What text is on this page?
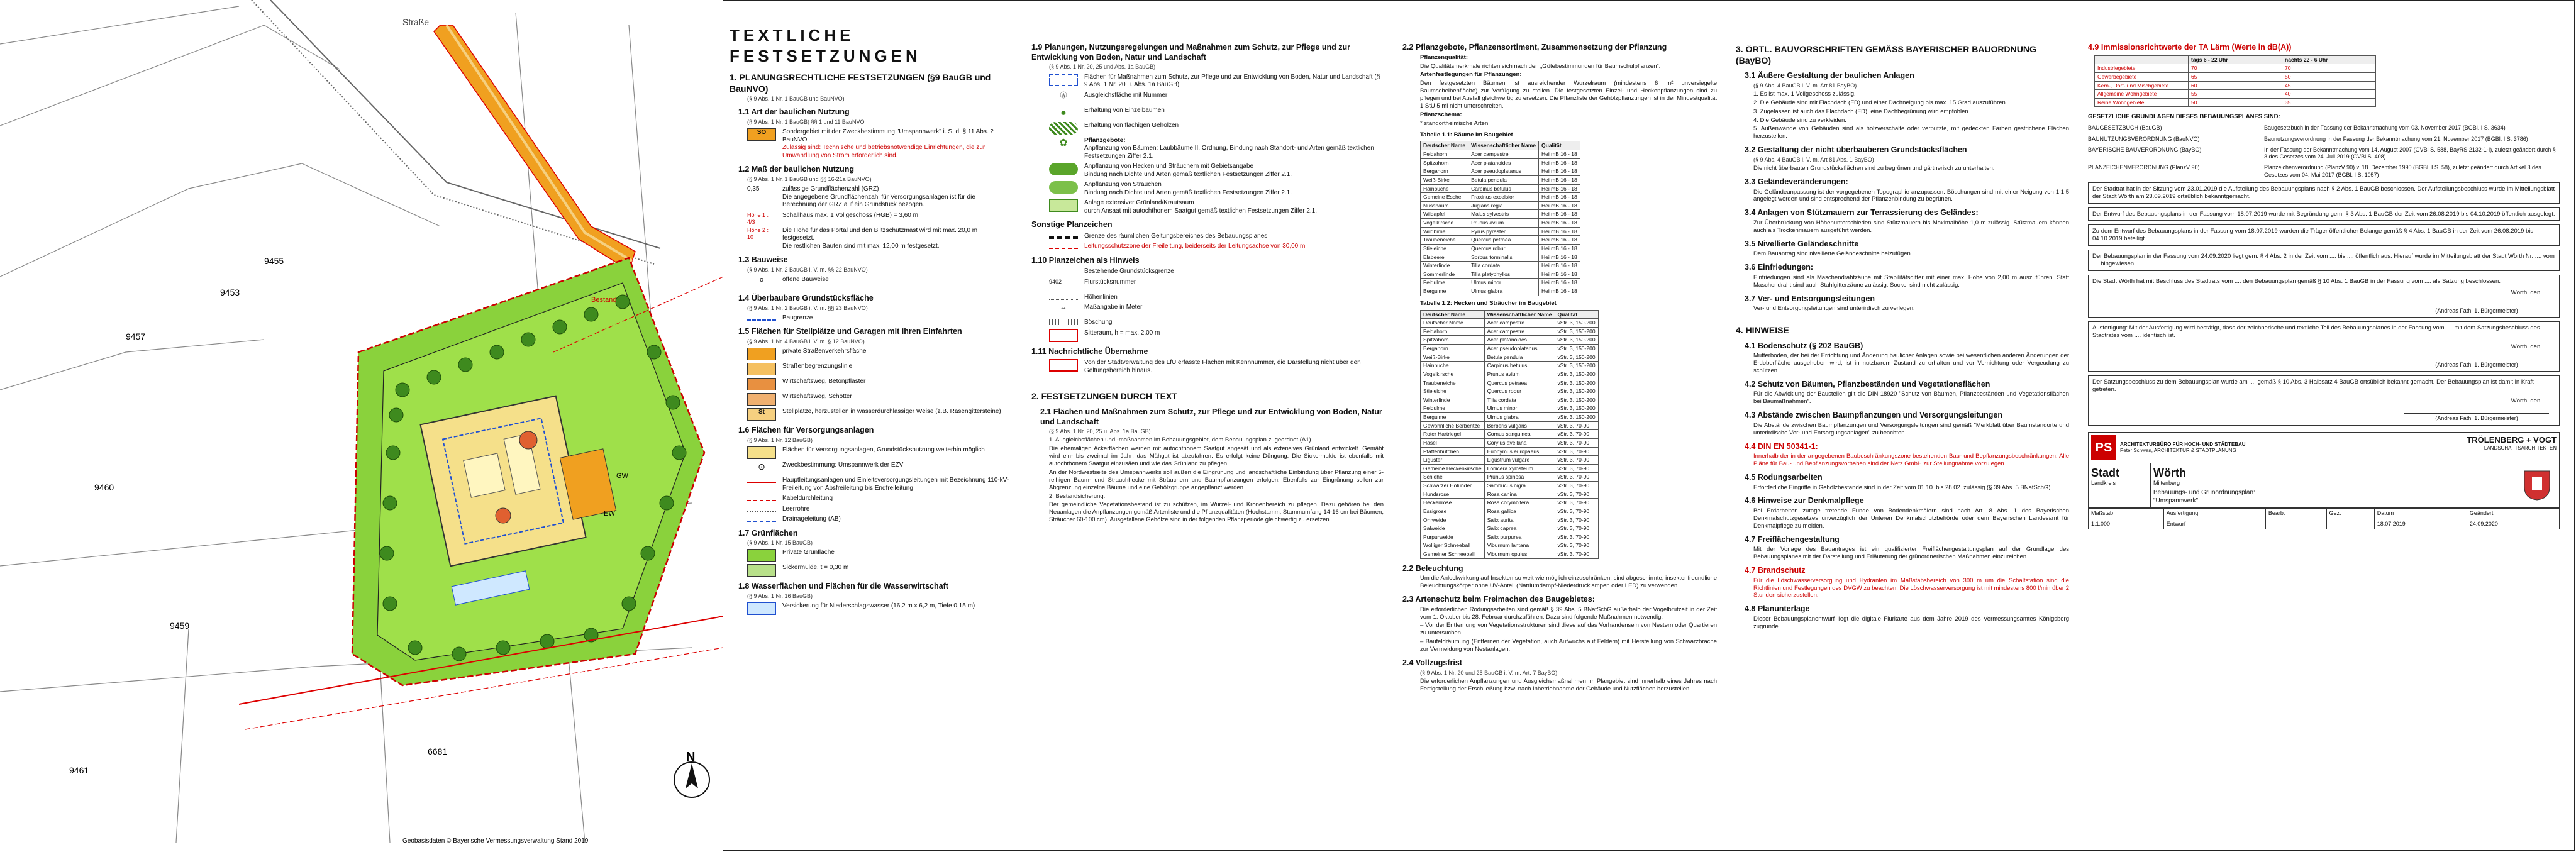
Straße
9453
9457
9460
9459
9455
9461
6681
Bestand
GW
EW
N
Geobasisdaten © Bayerische Vermessungsverwaltung Stand 2019
TEXTLICHE FESTSETZUNGEN
1. PLANUNGSRECHTLICHE FESTSETZUNGEN (§9 BauGB und BauNVO)
(§ 9 Abs. 1 Nr. 1 BauGB und BauNVO)
1.1 Art der baulichen Nutzung
(§ 9 Abs. 1 Nr. 1 BauGB) §§ 1 und 11 BauNVO
SO	Sondergebiet mit der Zweckbestimmung "Umspannwerk" i. S. d. § 11 Abs. 2 BauNVO
Zulässig sind: Technische und betriebsnotwendige Einrichtungen, die zur Umwandlung von Strom erforderlich sind.
1.2 Maß der baulichen Nutzung
(§ 9 Abs. 1 Nr. 1 BauGB und §§ 16-21a BauNVO)
0,35	zulässige Grundflächenzahl (GRZ)
Die angegebene Grundflächenzahl für Versorgungsanlagen ist für die Berechnung der GRZ auf ein Grundstück bezogen.
Höhe 1 : 4/3
Schallhaus max. 1 Vollgeschoss (HGB) = 3,60 m
Höhe 2 : 10
Die Höhe für das Portal und den Blitzschutzmast wird mit max. 20,0 m festgesetzt.
Die restlichen Bauten sind mit max. 12,00 m festgesetzt.
1.3 Bauweise
(§ 9 Abs. 1 Nr. 2 BauGB i. V. m. §§ 22 BauNVO)
o	offene Bauweise
1.4 Überbaubare Grundstücksfläche
(§ 9 Abs. 1 Nr. 2 BauGB i. V. m. §§ 23 BauNVO)
Baugrenze
1.5 Flächen für Stellplätze und Garagen mit ihren Einfahrten
(§ 9 Abs. 1 Nr. 4 BauGB i. V. m. § 12 BauNVO)
private Straßenverkehrsfläche
Straßenbegrenzungslinie
Wirtschaftsweg, Betonpflaster
Wirtschaftsweg, Schotter
St	Stellplätze, herzustellen in wasserdurchlässiger Weise (z.B. Rasengittersteine)
1.6 Flächen für Versorgungsanlagen
(§ 9 Abs. 1 Nr. 12 BauGB)
Flächen für Versorgungsanlagen, Grundstücksnutzung weiterhin möglich
⊙	Zweckbestimmung: Umspannwerk der EZV
Hauptleitungsanlagen und Einleitsversorgungsleitungen mit Bezeichnung 110-kV-Freileitung von Absfreileitung bis Endfreileitung
Kabeldurchleitung
Leerrohre
Drainageleitung (AB)
1.7 Grünflächen
(§ 9 Abs. 1 Nr. 15 BauGB)
Private Grünfläche
Sickermulde, t = 0,30 m
1.8 Wasserflächen und Flächen für die Wasserwirtschaft
(§ 9 Abs. 1 Nr. 16 BauGB)
Versickerung für Niederschlagswasser (16,2 m x 6,2 m, Tiefe 0,15 m)
1.9 Planungen, Nutzungsregelungen und Maßnahmen zum Schutz, zur Pflege und zur Entwicklung von Boden, Natur und Landschaft
(§ 9 Abs. 1 Nr. 20, 25 und Abs. 1a BauGB)
Flächen für Maßnahmen zum Schutz, zur Pflege und zur Entwicklung von Boden, Natur und Landschaft (§ 9 Abs. 1 Nr. 20 u. Abs. 1a BauGB)
Ⓐ	Ausgleichsfläche mit Nummer
●	Erhaltung von Einzelbäumen
Erhaltung von flächigen Gehölzen
✿	Pflanzgebote:
Anpflanzung von Bäumen: Laubbäume II. Ordnung, Bindung nach Standort- und Arten gemäß textlichen Festsetzungen Ziffer 2.1.
Anpflanzung von Hecken und Sträuchern mit Gebietsangabe
Bindung nach Dichte und Arten gemäß textlichen Festsetzungen Ziffer 2.1.
Anpflanzung von Strauchen
Bindung nach Dichte und Arten gemäß textlichen Festsetzungen Ziffer 2.1.
Anlage extensiver Grünland/Krautsaum
durch Ansaat mit autochthonem Saatgut gemäß textlichen Festsetzungen Ziffer 2.1.
Sonstige Planzeichen
Grenze des räumlichen Geltungsbereiches des Bebauungsplanes
Leitungsschutzzone der Freileitung, beiderseits der Leitungsachse von 30,00 m
1.10 Planzeichen als Hinweis
Bestehende Grundstücksgrenze
9402	Flurstücksnummer
Höhenlinien
↔	Maßangabe in Meter
Böschung
Sitteraum, h = max. 2,00 m
1.11 Nachrichtliche Übernahme
Von der Stadtverwaltung des LfU erfasste Flächen mit Kennnummer, die Darstellung nicht über den Geltungsbereich hinaus.
2. FESTSETZUNGEN DURCH TEXT
2.1 Flächen und Maßnahmen zum Schutz, zur Pflege und zur Entwicklung von Boden, Natur und Landschaft
(§ 9 Abs. 1 Nr. 20, 25 u. Abs. 1a BauGB)
1. Ausgleichsflächen und -maßnahmen im Bebauungsgebiet, dem Bebauungsplan zugeordnet (A1).
Die ehemaligen Ackerflächen werden mit autochthonem Saatgut angesät und als extensives Grünland entwickelt. Gemäht wird ein- bis zweimal im Jahr; das Mähgut ist abzufahren. Es erfolgt keine Düngung. Die Sickermulde ist ebenfalls mit autochthonem Saatgut einzusäen und wie das Grünland zu pflegen.
An der Nordwestseite des Umspannwerks soll außen die Eingrünung und landschaftliche Einbindung über Pflanzung einer 5-reihigen Baum- und Strauchhecke mit Sträuchern und Baumpflanzungen erfolgen. Ebenfalls zur Eingrünung sollen zur Abgrenzung einzelne Bäume und eine Gehölzgruppe angepflanzt werden.
2. Bestandsicherung:
Der gemeindliche Vegetationsbestand ist zu schützen, im Wurzel- und Kronenbereich zu pflegen. Dazu gehören bei den Neuanlagen die Anpflanzungen gemäß Artenliste und die Pflanzqualitäten (Hochstamm, Stammumfang 14-16 cm bei Bäumen, Sträucher 60-100 cm). Ausgefallene Gehölze sind in der folgenden Pflanzperiode gleichwertig zu ersetzen.
2.2 Pflanzgebote, Pflanzensortiment, Zusammensetzung der Pflanzung
Pflanzenqualität:
Die Qualitätsmerkmale richten sich nach den „Gütebestimmungen für Baumschulpflanzen“.
Artenfestlegungen für Pflanzungen:
Den festgesetzten Bäumen ist ausreichender Wurzelraum (mindestens 6 m² unversiegelte Baumscheibenfläche) zur Verfügung zu stellen. Die festgesetzten Einzel- und Heckenpflanzungen sind zu pflegen und bei Ausfall gleichwertig zu ersetzen. Die Pflanzliste der Gehölzpflanzungen ist in der Mindestqualität 1 StU 5 ml nicht unterschreiten.
Pflanzschema:
* standortheimische Arten
Tabelle 1.1: Bäume im Baugebiet
Deutscher Name	Wissenschaftlicher Name	Qualität
Feldahorn	Acer campestre	Hei mB 16 - 18
Spitzahorn	Acer platanoides	Hei mB 16 - 18
Bergahorn	Acer pseudoplatanus	Hei mB 16 - 18
Weiß-Birke	Betula pendula	Hei mB 16 - 18
Hainbuche	Carpinus betulus	Hei mB 16 - 18
Gemeine Esche	Fraxinus excelsior	Hei mB 16 - 18
Nussbaum	Juglans regia	Hei mB 16 - 18
Wildapfel	Malus sylvestris	Hei mB 16 - 18
Vogelkirsche	Prunus avium	Hei mB 16 - 18
Wildbirne	Pyrus pyraster	Hei mB 16 - 18
Traubeneiche	Quercus petraea	Hei mB 16 - 18
Stieleiche	Quercus robur	Hei mB 16 - 18
Elsbeere	Sorbus torminalis	Hei mB 16 - 18
Winterlinde	Tilia cordata	Hei mB 16 - 18
Sommerlinde	Tilia platyphyllos	Hei mB 16 - 18
Feldulme	Ulmus minor	Hei mB 16 - 18
Bergulme	Ulmus glabra	Hei mB 16 - 18
Tabelle 1.2: Hecken und Sträucher im Baugebiet
Deutscher Name	Wissenschaftlicher Name	Qualität
Deutscher Name	Acer campestre	vStr. 3, 150-200
Feldahorn	Acer campestre	vStr. 3, 150-200
Spitzahorn	Acer platanoides	vStr. 3, 150-200
Bergahorn	Acer pseudoplatanus	vStr. 3, 150-200
Weiß-Birke	Betula pendula	vStr. 3, 150-200
Hainbuche	Carpinus betulus	vStr. 3, 150-200
Vogelkirsche	Prunus avium	vStr. 3, 150-200
Traubeneiche	Quercus petraea	vStr. 3, 150-200
Stieleiche	Quercus robur	vStr. 3, 150-200
Winterlinde	Tilia cordata	vStr. 3, 150-200
Feldulme	Ulmus minor	vStr. 3, 150-200
Bergulme	Ulmus glabra	vStr. 3, 150-200
Gewöhnliche Berberitze	Berberis vulgaris	vStr. 3, 70-90
Roter Hartriegel	Cornus sanguinea	vStr. 3, 70-90
Hasel	Corylus avellana	vStr. 3, 70-90
Pfaffenhütchen	Euonymus europaeus	vStr. 3, 70-90
Liguster	Ligustrum vulgare	vStr. 3, 70-90
Gemeine Heckenkirsche	Lonicera xylosteum	vStr. 3, 70-90
Schlehe	Prunus spinosa	vStr. 3, 70-90
Schwarzer Holunder	Sambucus nigra	vStr. 3, 70-90
Hundsrose	Rosa canina	vStr. 3, 70-90
Heckenrose	Rosa corymbifera	vStr. 3, 70-90
Essigrose	Rosa gallica	vStr. 3, 70-90
Ohrweide	Salix aurita	vStr. 3, 70-90
Salweide	Salix caprea	vStr. 3, 70-90
Purpurweide	Salix purpurea	vStr. 3, 70-90
Wolliger Schneeball	Viburnum lantana	vStr. 3, 70-90
Gemeiner Schneeball	Viburnum opulus	vStr. 3, 70-90
2.2 Beleuchtung
Um die Anlockwirkung auf Insekten so weit wie möglich einzuschränken, sind abgeschirmte, insektenfreundliche Beleuchtungskörper ohne UV-Anteil (Natriumdampf-Niederdrucklampen oder LED) zu verwenden.
2.3 Artenschutz beim Freimachen des Baugebietes:
Die erforderlichen Rodungsarbeiten sind gemäß § 39 Abs. 5 BNatSchG außerhalb der Vogelbrutzeit in der Zeit vom 1. Oktober bis 28. Februar durchzuführen. Dazu sind folgende Maßnahmen notwendig:
– Vor der Entfernung von Vegetationsstrukturen sind diese auf das Vorhandensein von Nestern oder Quartieren zu untersuchen.
– Baufeldräumung (Entfernen der Vegetation, auch Aufwuchs auf Feldern) mit Herstellung von Schwarzbrache zur Vermeidung von Nestanlagen.
2.4 Vollzugsfrist
(§ 9 Abs. 1 Nr. 20 und 25 BauGB i. V. m. Art. 7 BayBO)
Die erforderlichen Anpflanzungen und Ausgleichsmaßnahmen im Plangebiet sind innerhalb eines Jahres nach Fertigstellung der Erschließung bzw. nach Inbetriebnahme der Gebäude und Nutzflächen herzustellen.
3. ÖRTL. BAUVORSCHRIFTEN GEMÄSS BAYERISCHER BAUORDNUNG (BayBO)
3.1 Äußere Gestaltung der baulichen Anlagen
(§ 9 Abs. 4 BauGB i. V. m. Art 81 BayBO)
1. Es ist max. 1 Vollgeschoss zulässig.
2. Die Gebäude sind mit Flachdach (FD) und einer Dachneigung bis max. 15 Grad auszuführen.
3. Zugelassen ist auch das Flachdach (FD), eine Dachbegrünung wird empfohlen.
4. Die Gebäude sind zu verkleiden.
5. Außenwände von Gebäuden sind als holzverschalte oder verputzte, mit gedeckten Farben gestrichene Flächen herzustellen.
3.2 Gestaltung der nicht überbauberen Grundstücksflächen
(§ 9 Abs. 4 BauGB i. V. m. Art 81 Abs. 1 BayBO)
Die nicht überbauten Grundstücksflächen sind zu begrünen und gärtnerisch zu unterhalten.
3.3 Geländeveränderungen:
Die Geländeanpassung ist der vorgegebenen Topographie anzupassen. Böschungen sind mit einer Neigung von 1:1,5 angelegt werden und sind entsprechend der Pflanzenbindung zu begrünen.
3.4 Anlagen von Stützmauern zur Terrassierung des Geländes:
Zur Überbrückung von Höhenunterschieden sind Stützmauern bis Maximalhöhe 1,0 m zulässig. Stützmauern können auch als Trockenmauern ausgeführt werden.
3.5 Nivellierte Geländeschnitte
Dem Bauantrag sind nivellierte Geländeschnitte beizufügen.
3.6 Einfriedungen:
Einfriedungen sind als Maschendrahtzäune mit Stabilitätsgitter mit einer max. Höhe von 2,00 m auszuführen. Statt Maschendraht sind auch Stahlgitterzäune zulässig. Sockel sind nicht zulässig.
3.7 Ver- und Entsorgungsleitungen
Ver- und Entsorgungsleitungen sind unterirdisch zu verlegen.
4. HINWEISE
4.1 Bodenschutz (§ 202 BauGB)
Mutterboden, der bei der Errichtung und Änderung baulicher Anlagen sowie bei wesentlichen anderen Änderungen der Erdoberfläche ausgehoben wird, ist in nutzbarem Zustand zu erhalten und vor Vernichtung oder Vergeudung zu schützen.
4.2 Schutz von Bäumen, Pflanzbeständen und Vegetationsflächen
Für die Abwicklung der Baustellen gilt die DIN 18920 "Schutz von Bäumen, Pflanzbeständen und Vegetationsflächen bei Baumaßnahmen".
4.3 Abstände zwischen Baumpflanzungen und Versorgungsleitungen
Die Abstände zwischen Baumpflanzungen und Versorgungsleitungen sind gemäß "Merkblatt über Baumstandorte und unterirdische Ver- und Entsorgungsanlagen" zu beachten.
4.4 DIN EN 50341-1:
Innerhalb der in der angegebenen Baubeschränkungszone bestehenden Bau- und Bepflanzungsbeschränkungen. Alle Pläne für Bau- und Bepflanzungsvorhaben sind der Netz GmbH zur Stellungnahme vorzulegen.
4.5 Rodungsarbeiten
Erforderliche Eingriffe in Gehölzbestände sind in der Zeit vom 01.10. bis 28.02. zulässig (§ 39 Abs. 5 BNatSchG).
4.6 Hinweise zur Denkmalpflege
Bei Erdarbeiten zutage tretende Funde von Bodendenkmälern sind nach Art. 8 Abs. 1 des Bayerischen Denkmalschutzgesetzes unverzüglich der Unteren Denkmalschutzbehörde oder dem Bayerischen Landesamt für Denkmalpflege zu melden.
4.7 Freiflächengestaltung
Mit der Vorlage des Bauantrages ist ein qualifizierter Freiflächengestaltungsplan auf der Grundlage des Bebauungsplanes mit der Darstellung und Erläuterung der grünordnerischen Maßnahmen einzureichen.
4.7 Brandschutz
Für die Löschwasserversorgung und Hydranten im Maßstabsbereich von 300 m um die Schaltstation sind die Richtlinien und Festlegungen des DVGW zu beachten. Die Löschwasserversorgung ist mit mindestens 800 l/min über 2 Stunden sicherzustellen.
4.8 Planunterlage
Dieser Bebauungsplanentwurf liegt die digitale Flurkarte aus dem Jahre 2019 des Vermessungsamtes Königsberg zugrunde.
4.9 Immissionsrichtwerte der TA Lärm (Werte in dB(A))
	tags 6 - 22 Uhr	nachts 22 - 6 Uhr
Industriegebiete	70	70
Gewerbegebiete	65	50
Kern-, Dorf- und Mischgebiete	60	45
Allgemeine Wohngebiete	55	40
Reine Wohngebiete	50	35
GESETZLICHE GRUNDLAGEN DIESES BEBAUUNGSPLANES SIND:
BAUGESETZBUCH (BauGB)	Baugesetzbuch in der Fassung der Bekanntmachung vom 03. November 2017 (BGBl. I S. 3634)
BAUNUTZUNGSVERORDNUNG (BauNVO)	Baunutzungsverordnung in der Fassung der Bekanntmachung vom 21. November 2017 (BGBl. I S. 3786)
BAYERISCHE BAUVERORDNUNG (BayBO)	In der Fassung der Bekanntmachung vom 14. August 2007 (GVBl S. 588, BayRS 2132-1-I), zuletzt geändert durch § 3 des Gesetzes vom 24. Juli 2019 (GVBl S. 408)
PLANZEICHENVERORDNUNG (PlanzV 90)	Planzeichenverordnung (PlanzV 90) v. 18. Dezember 1990 (BGBl. I S. 58), zuletzt geändert durch Artikel 3 des Gesetzes vom 04. Mai 2017 (BGBl. I S. 1057)
Der Stadtrat hat in der Sitzung vom 23.01.2019 die Aufstellung des Bebauungsplans nach § 2 Abs. 1 BauGB beschlossen. Der Aufstellungsbeschluss wurde im Mitteilungsblatt der Stadt Wörth am 23.09.2019 ortsüblich bekanntgemacht.
Der Entwurf des Bebauungsplans in der Fassung vom 18.07.2019 wurde mit Begründung gem. § 3 Abs. 1 BauGB der Zeit vom 26.08.2019 bis 04.10.2019 öffentlich ausgelegt.
Zu dem Entwurf des Bebauungsplans in der Fassung vom 18.07.2019 wurden die Träger öffentlicher Belange gemäß § 4 Abs. 1 BauGB in der Zeit vom 26.08.2019 bis 04.10.2019 beteiligt.
Der Bebauungsplan in der Fassung vom 24.09.2020 liegt gem. § 4 Abs. 2 in der Zeit vom .... bis .... öffentlich aus. Hierauf wurde im Mitteilungsblatt der Stadt Wörth Nr. .... vom .... hingewiesen.
Die Stadt Wörth hat mit Beschluss des Stadtrats vom .... den Bebauungsplan gemäß § 10 Abs. 1 BauGB in der Fassung vom .... als Satzung beschlossen.
Wörth, den ........
(Andreas Fath, 1. Bürgermeister)
Ausfertigung: Mit der Ausfertigung wird bestätigt, dass der zeichnerische und textliche Teil des Bebauungsplanes in der Fassung vom .... mit dem Satzungsbeschluss des Stadtrates vom .... identisch ist.
Wörth, den ........
(Andreas Fath, 1. Bürgermeister)
Der Satzungsbeschluss zu dem Bebauungsplan wurde am .... gemäß § 10 Abs. 3 Halbsatz 4 BauGB ortsüblich bekannt gemacht. Der Bebauungsplan ist damit in Kraft getreten.
Wörth, den ........
(Andreas Fath, 1. Bürgermeister)
PS	ARCHITEKTURBÜRO FÜR HOCH- UND STÄDTEBAU
Peter Schwan, ARCHITEKTUR & STADTPLANUNG
TRÖLENBERG + VOGT
LANDSCHAFTSARCHITEKTEN
Stadt
Landkreis
Wörth
Miltenberg
Bebauungs- und Grünordnungsplan:
"Umspannwerk"
Maßstab	Ausfertigung	Bearb.	Gez.	Datum	Geändert
1:1.000	Entwurf			18.07.2019	24.09.2020
